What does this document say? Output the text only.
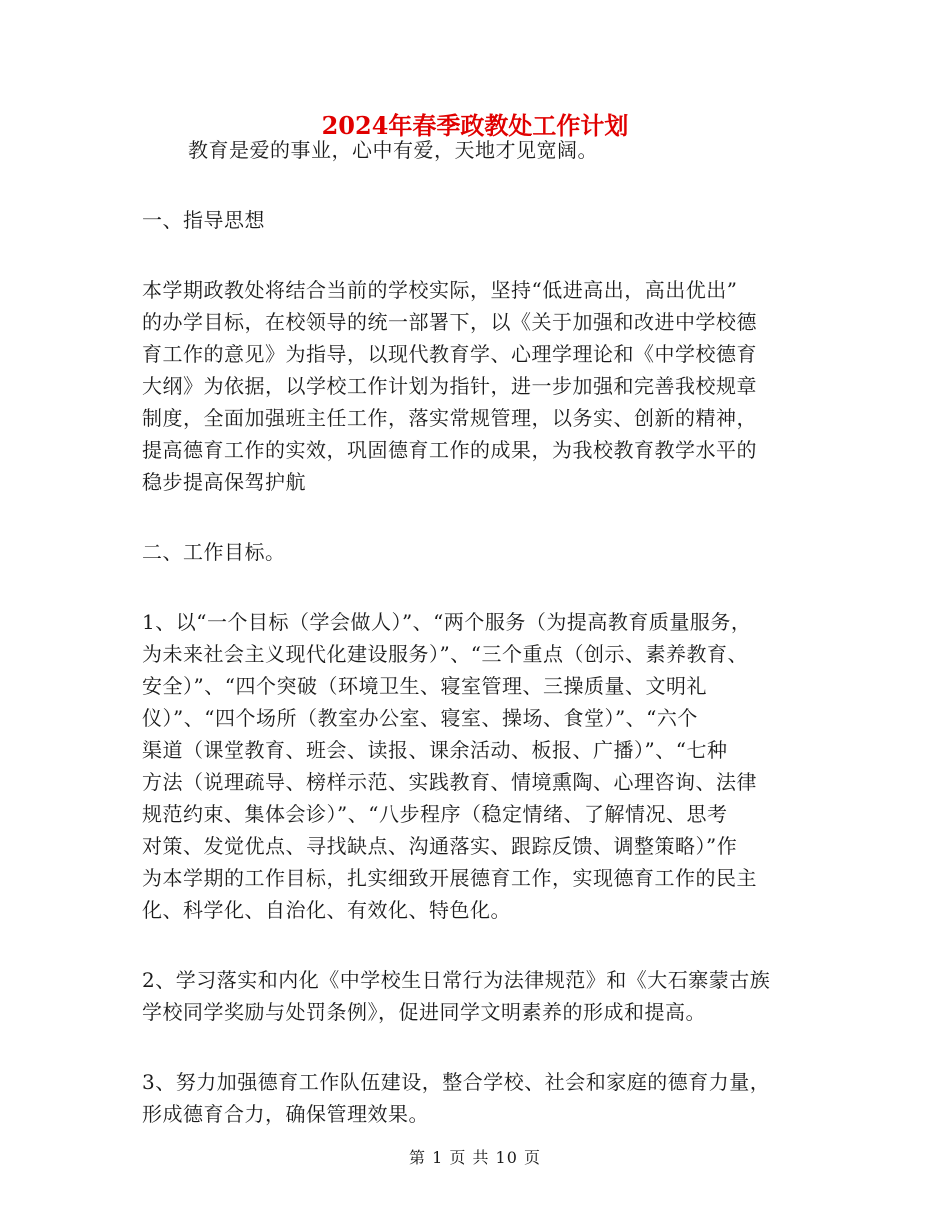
2024年春季政教处工作计划

教育是爱的事业，心中有爱，天地才见宽阔。

一、指导思想

本学期政教处将结合当前的学校实际，坚持“低进高出，高出优出”
的办学目标，在校领导的统一部署下，以《关于加强和改进中学校德
育工作的意见》为指导，以现代教育学、心理学理论和《中学校德育
大纲》为依据，以学校工作计划为指针，进一步加强和完善我校规章
制度，全面加强班主任工作，落实常规管理，以务实、创新的精神，
提高德育工作的实效，巩固德育工作的成果，为我校教育教学水平的
稳步提高保驾护航

二、工作目标。

1、以“一个目标（学会做人）”、“两个服务（为提高教育质量服务，
为未来社会主义现代化建设服务）”、“三个重点（创示、素养教育、
安全）”、“四个突破（环境卫生、寝室管理、三操质量、文明礼
仪）”、“四个场所（教室办公室、寝室、操场、食堂）”、“六个
渠道（课堂教育、班会、读报、课余活动、板报、广播）”、“七种
方法（说理疏导、榜样示范、实践教育、情境熏陶、心理咨询、法律
规范约束、集体会诊）”、“八步程序（稳定情绪、了解情况、思考
对策、发觉优点、寻找缺点、沟通落实、跟踪反馈、调整策略）”作
为本学期的工作目标，扎实细致开展德育工作，实现德育工作的民主
化、科学化、自治化、有效化、特色化。

2、学习落实和内化《中学校生日常行为法律规范》和《大石寨蒙古族
学校同学奖励与处罚条例》，促进同学文明素养的形成和提高。

3、努力加强德育工作队伍建设，整合学校、社会和家庭的德育力量，
形成德育合力，确保管理效果。

第 1 页 共 10 页
